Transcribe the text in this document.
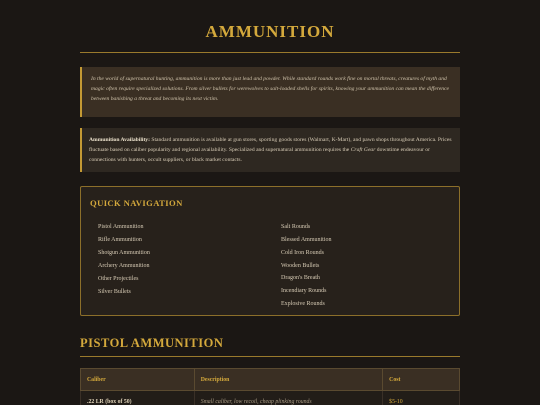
AMMUNITION

In the world of supernatural hunting, ammunition is more than just lead and powder. While standard rounds work fine on mortal threats, creatures of myth and magic often require specialized solutions. From silver bullets for werewolves to salt-loaded shells for spirits, knowing your ammunition can mean the difference between banishing a threat and becoming its next victim.

Ammunition Availability: Standard ammunition is available at gun stores, sporting goods stores (Walmart, K-Mart), and pawn shops throughout America. Prices fluctuate based on caliber popularity and regional availability. Specialized and supernatural ammunition requires the Craft Gear downtime endeavour or connections with hunters, occult suppliers, or black market contacts.

QUICK NAVIGATION
Pistol Ammunition
Rifle Ammunition
Shotgun Ammunition
Archery Ammunition
Other Projectiles
Silver Bullets
Salt Rounds
Blessed Ammunition
Cold Iron Rounds
Wooden Bullets
Dragon's Breath
Incendiary Rounds
Explosive Rounds
PISTOL AMMUNITION
Caliber	Description	Cost
.22 LR (box of 50)	Small caliber, low recoil, cheap plinking rounds	$5-10
